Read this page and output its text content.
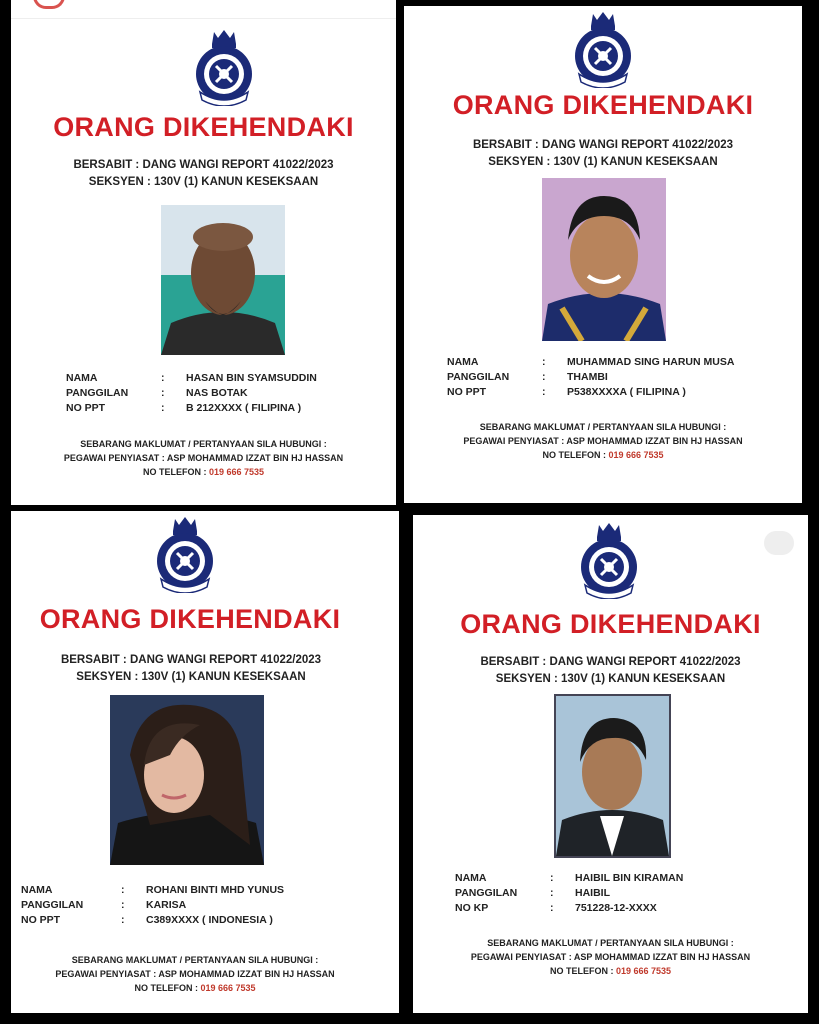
ORANG DIKEHENDAKI
BERSABIT : DANG WANGI REPORT 41022/2023
SEKSYEN : 130V (1) KANUN KESEKSAAN
NAMA	:	HASAN BIN SYAMSUDDIN
PANGGILAN	:	NAS BOTAK
NO PPT	:	B 212XXXX ( FILIPINA )
SEBARANG MAKLUMAT / PERTANYAAN SILA HUBUNGI :
PEGAWAI PENYIASAT : ASP MOHAMMAD IZZAT BIN HJ HASSAN
NO TELEFON : 019 666 7535
ORANG DIKEHENDAKI
BERSABIT : DANG WANGI REPORT 41022/2023
SEKSYEN : 130V (1) KANUN KESEKSAAN
NAMA	:	MUHAMMAD SING HARUN MUSA
PANGGILAN	:	THAMBI
NO PPT	:	P538XXXXA ( FILIPINA )
SEBARANG MAKLUMAT / PERTANYAAN SILA HUBUNGI :
PEGAWAI PENYIASAT : ASP MOHAMMAD IZZAT BIN HJ HASSAN
NO TELEFON : 019 666 7535
ORANG DIKEHENDAKI
BERSABIT : DANG WANGI REPORT 41022/2023
SEKSYEN : 130V (1) KANUN KESEKSAAN
NAMA	:	ROHANI BINTI MHD YUNUS
PANGGILAN	:	KARISA
NO PPT	:	C389XXXX ( INDONESIA )
SEBARANG MAKLUMAT / PERTANYAAN SILA HUBUNGI :
PEGAWAI PENYIASAT : ASP MOHAMMAD IZZAT BIN HJ HASSAN
NO TELEFON : 019 666 7535
ORANG DIKEHENDAKI
BERSABIT : DANG WANGI REPORT 41022/2023
SEKSYEN : 130V (1) KANUN KESEKSAAN
NAMA	:	HAIBIL BIN KIRAMAN
PANGGILAN	:	HAIBIL
NO KP	:	751228-12-XXXX
SEBARANG MAKLUMAT / PERTANYAAN SILA HUBUNGI :
PEGAWAI PENYIASAT : ASP MOHAMMAD IZZAT BIN HJ HASSAN
NO TELEFON : 019 666 7535
